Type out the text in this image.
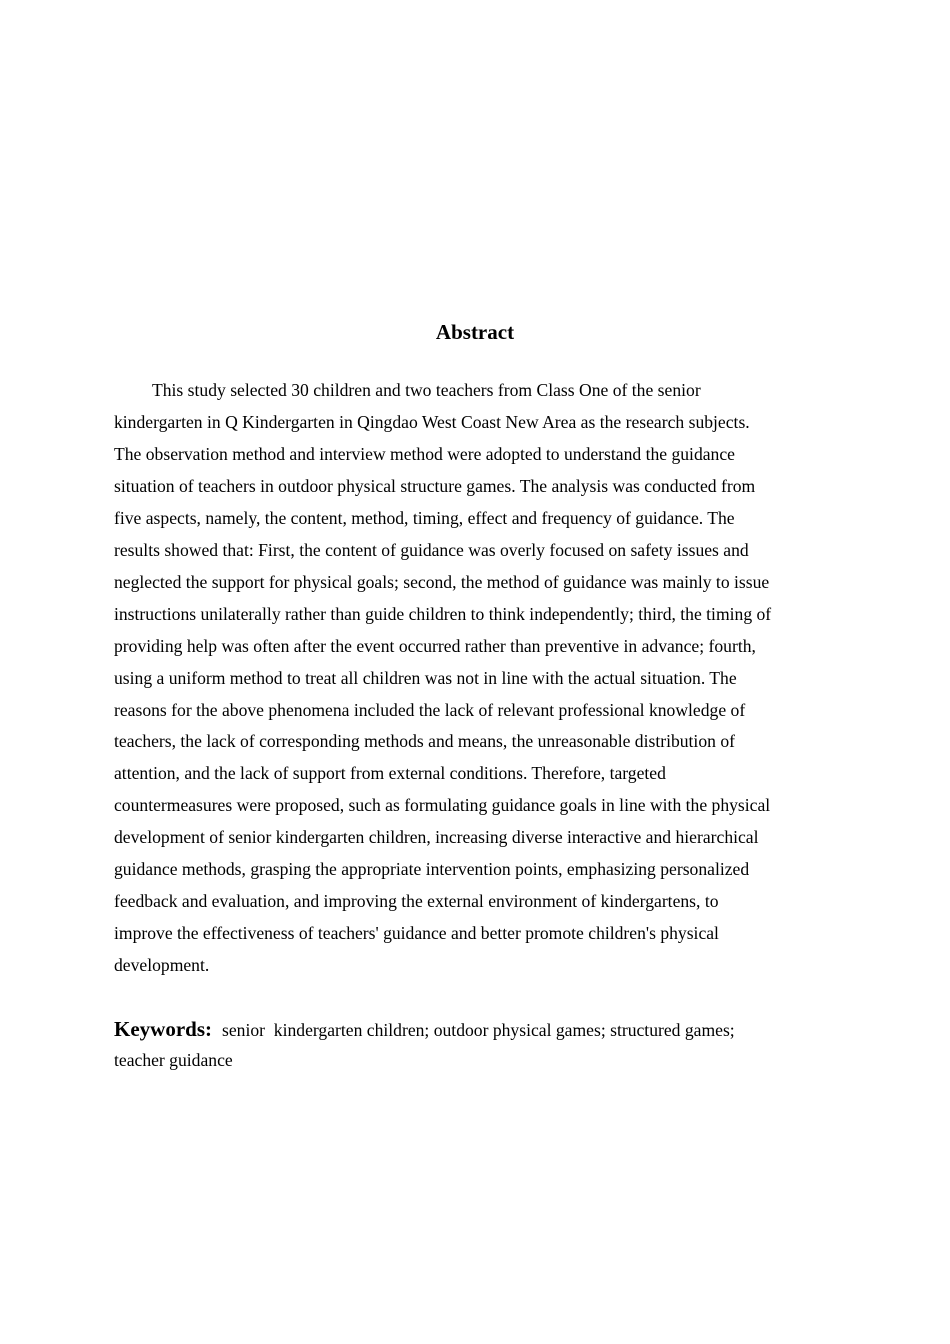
Abstract
This study selected 30 children and two teachers from Class One of the senior
kindergarten in Q Kindergarten in Qingdao West Coast New Area as the research subjects.
The observation method and interview method were adopted to understand the guidance
situation of teachers in outdoor physical structure games. The analysis was conducted from
five aspects, namely, the content, method, timing, effect and frequency of guidance. The
results showed that: First, the content of guidance was overly focused on safety issues and
neglected the support for physical goals; second, the method of guidance was mainly to issue
instructions unilaterally rather than guide children to think independently; third, the timing of
providing help was often after the event occurred rather than preventive in advance; fourth,
using a uniform method to treat all children was not in line with the actual situation. The
reasons for the above phenomena included the lack of relevant professional knowledge of
teachers, the lack of corresponding methods and means, the unreasonable distribution of
attention, and the lack of support from external conditions. Therefore, targeted
countermeasures were proposed, such as formulating guidance goals in line with the physical
development of senior kindergarten children, increasing diverse interactive and hierarchical
guidance methods, grasping the appropriate intervention points, emphasizing personalized
feedback and evaluation, and improving the external environment of kindergartens, to
improve the effectiveness of teachers' guidance and better promote children's physical
development.
Keywords: senior  kindergarten children; outdoor physical games; structured games;
teacher guidance
